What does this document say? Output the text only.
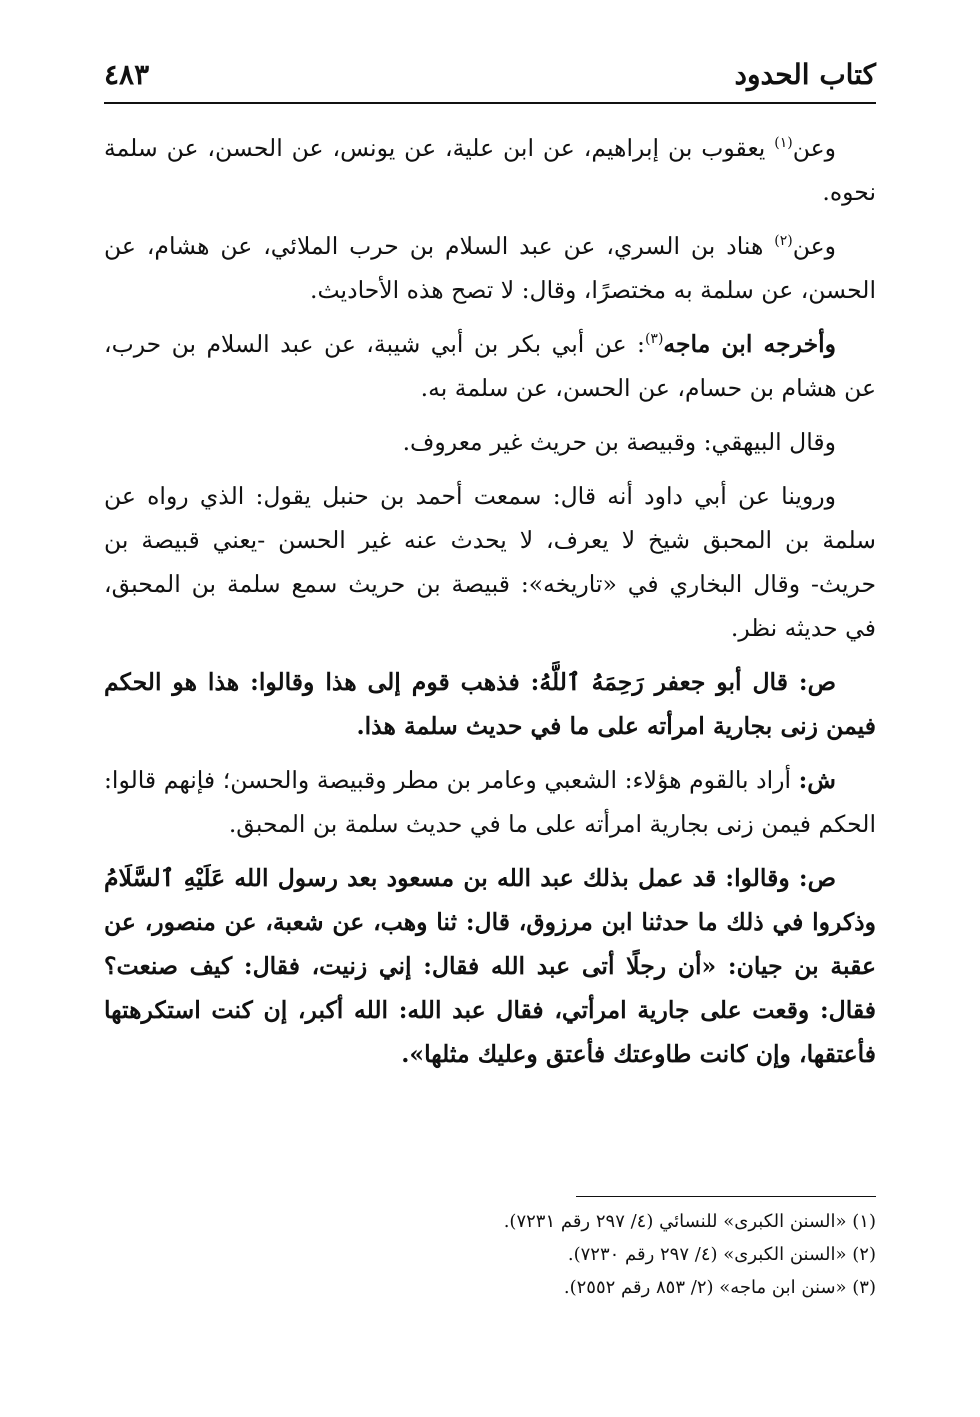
كتاب الحدود
٤٨٣

وعن$^{(١)}$ يعقوب بن إبراهيم، عن ابن علية، عن يونس، عن الحسن، عن سلمة نحوه.

وعن$^{(٢)}$ هناد بن السري، عن عبد السلام بن حرب الملائي، عن هشام، عن الحسن، عن سلمة به مختصرًا، وقال: لا تصح هذه الأحاديث.

وأخرجه ابن ماجه$^{(٣)}$: عن أبي بكر بن أبي شيبة، عن عبد السلام بن حرب، عن هشام بن حسام، عن الحسن، عن سلمة به.

وقال البيهقي: وقبيصة بن حريث غير معروف.

وروينا عن أبي داود أنه قال: سمعت أحمد بن حنبل يقول: الذي رواه عن سلمة بن المحبق شيخ لا يعرف، لا يحدث عنه غير الحسن -يعني قبيصة بن حريث- وقال البخاري في «تاريخه»: قبيصة بن حريث سمع سلمة بن المحبق، في حديثه نظر.

ص: قال أبو جعفر رَحِمَهُ ٱللَّهُ: فذهب قوم إلى هذا وقالوا: هذا هو الحكم فيمن زنى بجارية امرأته على ما في حديث سلمة هذا.

ش: أراد بالقوم هؤلاء: الشعبي وعامر بن مطر وقبيصة والحسن؛ فإنهم قالوا: الحكم فيمن زنى بجارية امرأته على ما في حديث سلمة بن المحبق.

ص: وقالوا: قد عمل بذلك عبد الله بن مسعود بعد رسول الله عَلَيْهِ ٱلسَّلَامُ وذكروا في ذلك ما حدثنا ابن مرزوق، قال: ثنا وهب، عن شعبة، عن منصور، عن عقبة بن جيان: «أن رجلًا أتى عبد الله فقال: إني زنيت، فقال: كيف صنعت؟ فقال: وقعت على جارية امرأتي، فقال عبد الله: الله أكبر، إن كنت استكرهتها فأعتقها، وإن كانت طاوعتك فأعتق وعليك مثلها».

(١) «السنن الكبرى» للنسائي (٤/ ٢٩٧ رقم ٧٢٣١).

(٢) «السنن الكبرى» (٤/ ٢٩٧ رقم ٧٢٣٠).

(٣) «سنن ابن ماجه» (٢/ ٨٥٣ رقم ٢٥٥٢).
